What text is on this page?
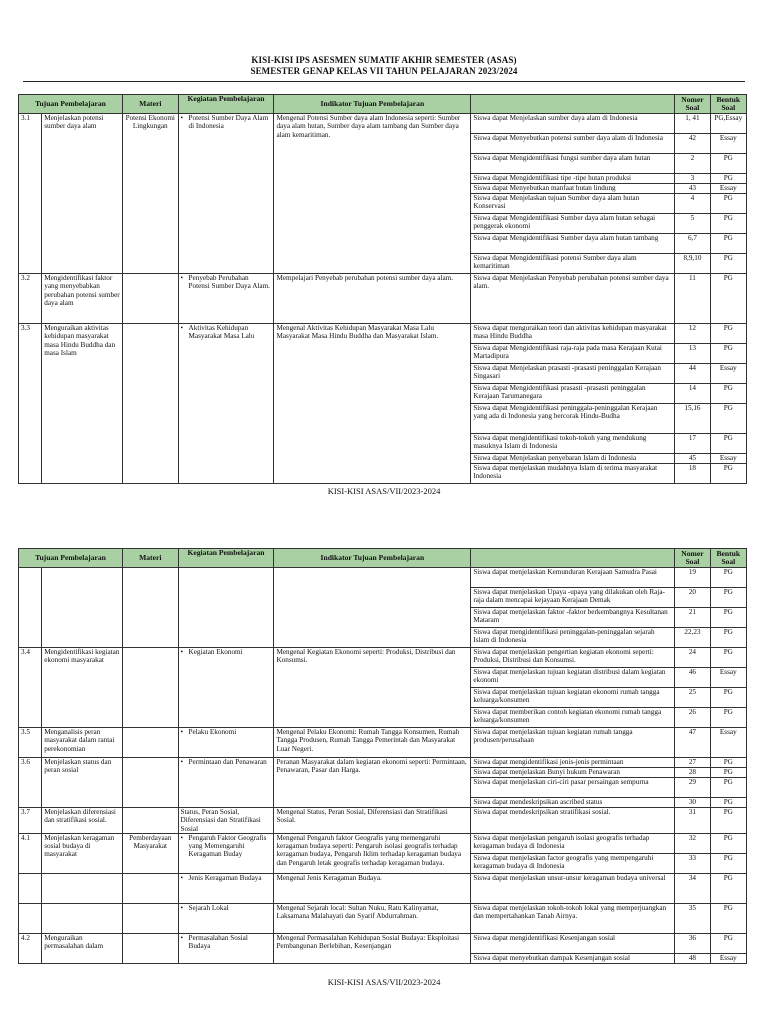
KISI-KISI IPS ASESMEN SUMATIF AKHIR SEMESTER (ASAS)
SEMESTER GENAP KELAS VII TAHUN PELAJARAN 2023/2024
Tujuan Pembelajaran		Materi	Kegiatan Pembelajaran	Indikator Tujuan Pembelajaran		Nomer Soal	Bentuk Soal
3.1	Menjelaskan potensi sumber daya alam	Potensi Ekonomi Lingkungan	• Potensi Sumber Daya Alam di Indonesia	Mengenal Potensi Sumber daya alam Indonesia seperti: Sumber daya alam hutan, Sumber daya alam tambang dan Sumber daya alam kemaritiman.	Siswa dapat Menjelaskan sumber daya alam di Indonesia	1, 41	PG,Essay
					Siswa dapat Menyebutkan potensi sumber daya alam di Indonesia	42	Essay
					Siswa dapat Mengidentifikasi fungsi sumber daya alam hutan	2	PG
					Siswa dapat Mengidentifikasi tipe -tipe hutan produksi	3	PG
					Siswa dapat Menyebutkan manfaat hutan lindung	43	Essay
					Siswa dapat Menjelaskan tujuan Sumber daya alam hutan Konservasi	4	PG
					Siswa dapat Mengidentifikasi Sumber daya alam hutan sebagai penggerak ekonomi	5	PG
					Siswa dapat Mengidentifikasi Sumber daya alam hutan tambang	6,7	PG
					Siswa dapat Mengidentifikasi potensi Sumber daya alam kemaritiman	8,9,10	PG
3.2	Mengidentifikasi faktor yang menyebabkan perubahan potensi sumber daya alam		• Penyebab Perubahan Potensi Sumber Daya Alam.	Mempelajari Penyebab perubahan potensi sumber daya alam.	Siswa dapat Menjelaskan Penyebab perubahan potensi sumber daya alam.	11	PG
3.3	Menguraikan aktivitas kehidupan masyarakat masa Hindu Buddha dan masa Islam		• Aktivitas Kehidupan Masyarakat Masa Lalu	Mengenal Aktivitas Kehidupan Masyarakat Masa Lalu Masyarakat Masa Hindu Buddha dan Masyarakat Islam.	Siswa dapat menguraikan teori dan aktivitas kehidupan masyarakat masa Hindu Buddha	12	PG
					Siswa dapat Mengidentifikasi raja-raja pada masa Kerajaan Kutai Martadipura	13	PG
					Siswa dapat Menjelaskan prasasti -prasasti peninggalan Kerajaan Singasari	44	Essay
					Siswa dapat Mengidentifikasi prasasti -prasasti peninggalan Kerajaan Tarumanegara	14	PG
					Siswa dapat Mengidentifikasi peninggala-peninggalan Kerajaan yang ada di Indonesia yang bercorak Hindu-Budha	15,16	PG
					Siswa dapat mengidentifikasi tokoh-tokoh yang mendukung masuknya Islam di Indonesia	17	PG
					Siswa dapat Menjelaskan penyebaran Islam di Indonesia	45	Essay
					Siswa dapat menjelaskan mudahnya Islam di terima masyarakat Indonesia	18	PG
KISI-KISI ASAS/VII/2023-2024
Tujuan Pembelajaran		Materi	Kegiatan Pembelajaran	Indikator Tujuan Pembelajaran		Nomer Soal	Bentuk Soal
					Siswa dapat menjelaskan Kemunduran Kerajaan Samudra Pasai	19	PG
					Siswa dapat menjelaskan Upaya -upaya yang dilakukan oleh Raja-raja dalam mencapai kejayaan Kerajaan Demak	20	PG
					Siswa dapat menjelaskan faktor -faktor berkembangnya Kesultanan Mataram	21	PG
					Siswa dapat mengidentifikasi peninggalan-peninggalan sejarah Islam di Indonesia	22,23	PG
3.4	Mengidentifikasi kegiatan ekonomi masyarakat		• Kegiatan Ekonomi	Mengenal Kegiatan Ekonomi seperti: Produksi, Distribusi dan Konsumsi.	Siswa dapat menjelaskan pengertian kegiatan ekonomi seperti: Produksi, Distribusi dan Konsumsi.	24	PG
					Siswa dapat menjelaskan tujuan kegiatan distribusi dalam kegiatan ekonomi	46	Essay
					Siswa dapat menjelaskan tujuan kegiatan ekonomi rumah tangga keluarga/konsumen	25	PG
					Siswa dapat memberikan contoh kegiatan ekonomi rumah tangga keluarga/konsumen	26	PG
3.5	Menganalisis peran masyarakat dalam rantai perekonomian		• Pelaku Ekonomi	Mengenal Pelaku Ekonomi: Rumah Tangga Konsumen, Rumah Tangga Produsen, Rumah Tangga Pemerintah dan Masyarakat Luar Negeri.	Siswa dapat menjelaskan tujuan kegiatan rumah tangga produsen/perusahaan	47	Essay
3.6	Menjelaskan status dan peran sosial		• Permintaan dan Penawaran	Peranan Masyarakat dalam kegiatan ekonomi seperti: Permintaan, Penawaran, Pasar dan Harga.	Siswa dapat mengidentifikasi jenis-jenis permintaan	27	PG
					Siswa dapat menjelaskan Bunyi hukum Penawaran	28	PG
					Siswa dapat menjelaskan ciri-ciri pasar persaingan sempurna	29	PG
					Siswa dapat mendeskripsikan ascribed status	30	PG
3.7	Menjelaskan diferensiasi dan stratifikasi sosial.		Status, Peran Sosial, Diferensiasi dan Stratifikasi Sosial	Mengenal Status, Peran Sosial, Diferensiasi dan Stratifikasi Sosial.	Siswa dapat mendeskripsikan stratifikasi sosial.	31	PG
4.1	Menjelaskan keragaman sosial budaya di masyarakat	Pemberdayaan Masyarakat	• Pengaruh Faktor Geografis yang Memengaruhi Keragaman Buday	Mengenal Pengaruh faktor Geografis yang memengaruhi keragaman budaya seperti: Pengaruh isolasi geografis terhadap keragaman budaya, Pengaruh Iklim terhadap keragaman budaya dan Pengaruh letak geografis terhadap keragaman budaya.	Siswa dapat menjelaskan pengaruh isolasi geografis terhadap keragaman budaya di Indonesia	32	PG
					Siswa dapat menjelaskan factor geografis yang mempengaruhi keragaman budaya di Indonesia	33	PG

			• Jenis Keragaman Budaya	Mengenal Jenis Keragaman Budaya.	Siswa dapat menjelaskan unsur-unsur keragaman budaya universal	34	PG

			• Sejarah Lokal	Mengenal Sejarah local: Sultan Nuku, Ratu Kalinyamat, Laksamana Malahayati dan Syarif Abdurrahman.	Siswa dapat menjelaskan tokoh-tokoh lokal yang memperjuangkan dan mempertahankan Tanah Airnya.	35	PG
4.2	Menguraikan permasalahan dalam		• Permasalahan Sosial Budaya	Mengenal Permasalahan Kehidupan Sosial Budaya: Eksploitasi Pembangunan Berlebihan, Kesenjangan	Siswa dapat mengidentifikasi Kesenjangan sosial	36	PG
					Siswa dapat menyebutkan dampak Kesenjangan sosial	48	Essay
KISI-KISI ASAS/VII/2023-2024
